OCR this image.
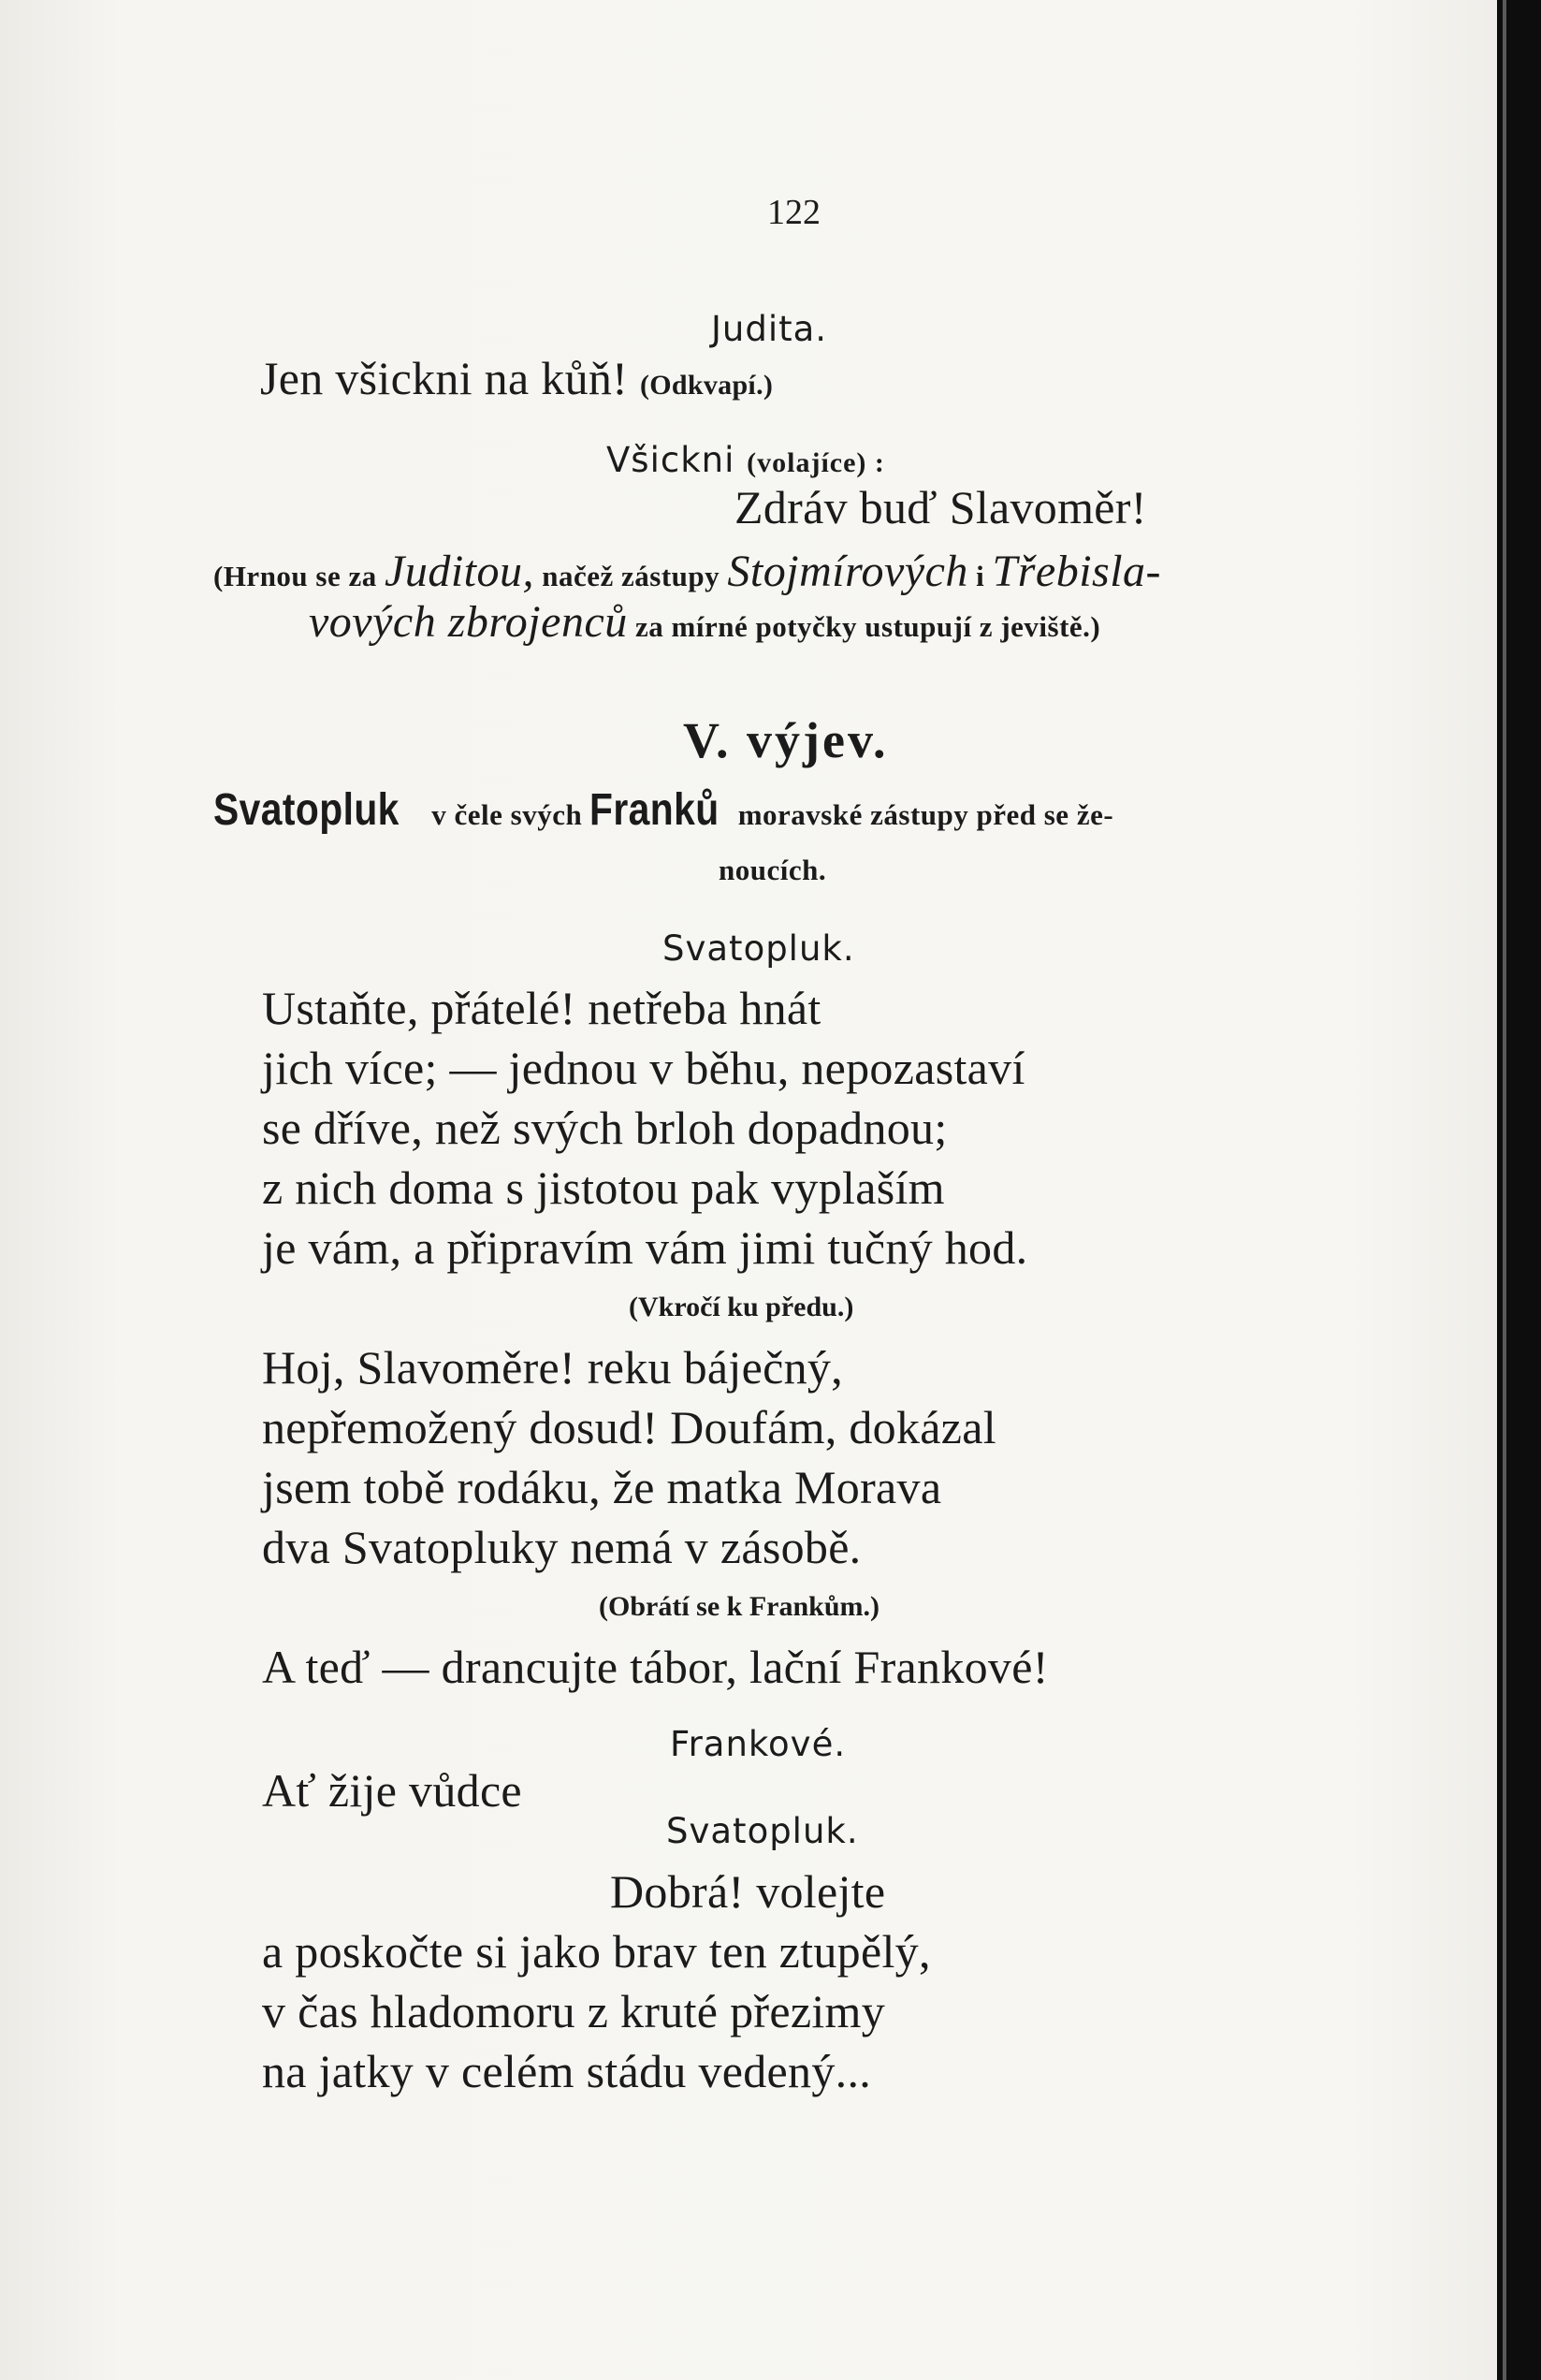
122
Judita.
Jen všickni na kůň! (Odkvapí.)
Všickni (volajíce) :
Zdráv buď Slavoměr!
(Hrnou se za Juditou, načež zástupy Stojmírových i Třebisla-
vových zbrojenců za mírné potyčky ustupují z jeviště.)
V. výjev.
Svatopluk v čele svých Franků moravské zástupy před se že-
noucích.
Svatopluk.
Ustaňte, přátelé! netřeba hnát
jich více; — jednou v běhu, nepozastaví
se dříve, než svých brloh dopadnou;
z nich doma s jistotou pak vyplaším
je vám, a připravím vám jimi tučný hod.
(Vkročí ku předu.)
Hoj, Slavoměre! reku báječný,
nepřemožený dosud! Doufám, dokázal
jsem tobě rodáku, že matka Morava
dva Svatopluky nemá v zásobě.
(Obrátí se k Frankům.)
A teď — drancujte tábor, lační Frankové!
Frankové.
Ať žije vůdce
Svatopluk.
Dobrá! volejte
a poskočte si jako brav ten ztupělý,
v čas hladomoru z kruté přezimy
na jatky v celém stádu vedený...
